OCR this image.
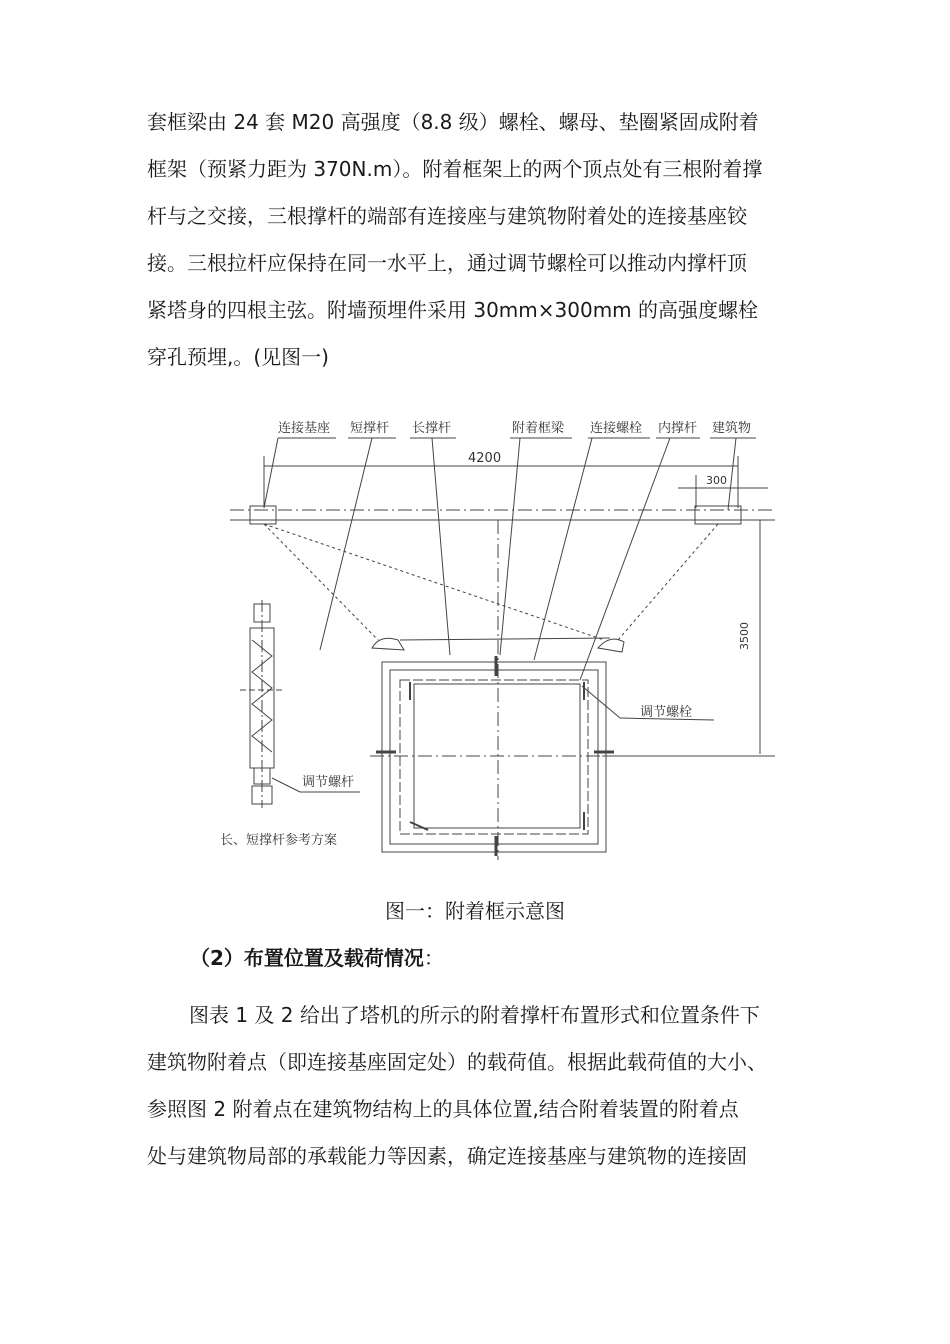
套框梁由 24 套 M20 高强度（8.8 级）螺栓、螺母、垫圈紧固成附着
框架（预紧力距为 370N.m）。附着框架上的两个顶点处有三根附着撑
杆与之交接，三根撑杆的端部有连接座与建筑物附着处的连接基座铰
接。三根拉杆应保持在同一水平上，通过调节螺栓可以推动内撑杆顶
紧塔身的四根主弦。附墙预埋件采用 30mm×300mm 的高强度螺栓
穿孔预埋,。(见图一)
连接基座 短撑杆 长撑杆	附着框梁 连接螺栓 内撑杆 建筑物
调节螺栓
调节螺杆
长、短撑杆参考方案
4200
300
3500
图一：附着框示意图
（2）布置位置及载荷情况：
图表 1 及 2 给出了塔机的所示的附着撑杆布置形式和位置条件下
建筑物附着点（即连接基座固定处）的载荷值。根据此载荷值的大小、
参照图 2 附着点在建筑物结构上的具体位置,结合附着装置的附着点
处与建筑物局部的承载能力等因素，确定连接基座与建筑物的连接固
